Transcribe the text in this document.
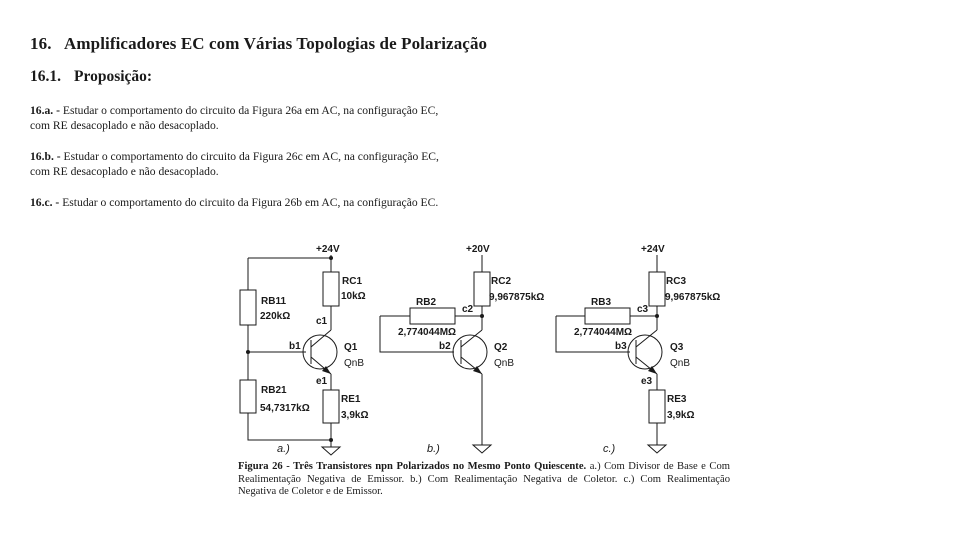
16. Amplificadores EC com Várias Topologias de Polarização
16.1. Proposição:
16.a. - Estudar o comportamento do circuito da Figura 26a em AC, na configuração EC,
com RE desacoplado e não desacoplado.
16.b. - Estudar o comportamento do circuito da Figura 26c em AC, na configuração EC,
com RE desacoplado e não desacoplado.
16.c. - Estudar o comportamento do circuito da Figura 26b em AC, na configuração EC.
+24V
RC1
10kΩ
RB11
220kΩ	c1
b1	Q1
QnB
e1
RB21
54,7317kΩ
RE1
3,9kΩ
+20V
RC2
9,967875kΩ
RB2
2,774044MΩ
c2
b2	Q2
QnB
+24V
RC3
9,967875kΩ
RB3
2,774044MΩ
c3
b3	Q3
QnB
e3
RE3
3,9kΩ
a.)	b.)	c.)
Figura 26 - Três Transistores npn Polarizados no Mesmo Ponto Quiescente. a.) Com Divisor de Base e Com Realimentação Negativa de Emissor. b.) Com Realimentação Negativa de Coletor. c.) Com Realimentação Negativa de Coletor e de Emissor.
